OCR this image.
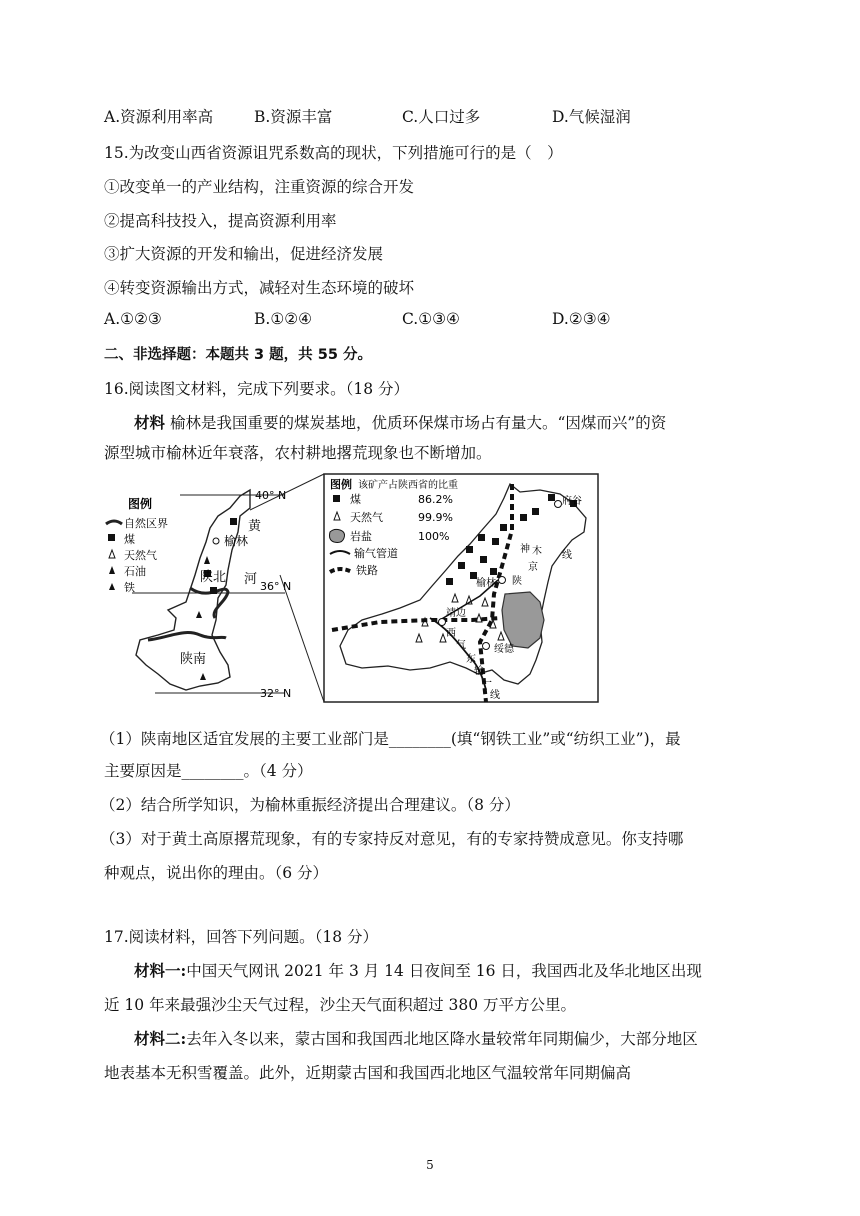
A.资源利用率高	B.资源丰富	C.人口过多	D.气候湿润
15.为改变山西省资源诅咒系数高的现状，下列措施可行的是（　）
①改变单一的产业结构，注重资源的综合开发
②提高科技投入，提高资源利用率
③扩大资源的开发和输出，促进经济发展
④转变资源输出方式，减轻对生态环境的破坏
A.①②③	B.①②④	C.①③④	D.②③④
二、非选择题：本题共 3 题，共 55 分。
16.阅读图文材料，完成下列要求。（18 分）
材料 榆林是我国重要的煤炭基地，优质环保煤市场占有量大。“因煤而兴”的资
源型城市榆林近年衰落，农村耕地撂荒现象也不断增加。
40° N
36° N
32° N
黄
榆林
陕北 河
陕南
图例
自然区界
煤
天然气
石油
铁
府谷
神 木 线
京
榆林 陕
靖边
绥德
西
气
东
输
一
线
图例 该矿产占陕西省的比重
煤	86.2%
天然气	99.9%
岩盐	100%
输气管道
铁路
（1）陕南地区适宜发展的主要工业部门是________(填“钢铁工业”或“纺织工业”)，最
主要原因是________。（4 分）
（2）结合所学知识，为榆林重振经济提出合理建议。（8 分）
（3）对于黄土高原撂荒现象，有的专家持反对意见，有的专家持赞成意见。你支持哪
种观点，说出你的理由。（6 分）
17.阅读材料，回答下列问题。（18 分）
材料一:中国天气网讯 2021 年 3 月 14 日夜间至 16 日，我国西北及华北地区出现
近 10 年来最强沙尘天气过程，沙尘天气面积超过 380 万平方公里。
材料二:去年入冬以来，蒙古国和我国西北地区降水量较常年同期偏少，大部分地区
地表基本无积雪覆盖。此外，近期蒙古国和我国西北地区气温较常年同期偏高
5
